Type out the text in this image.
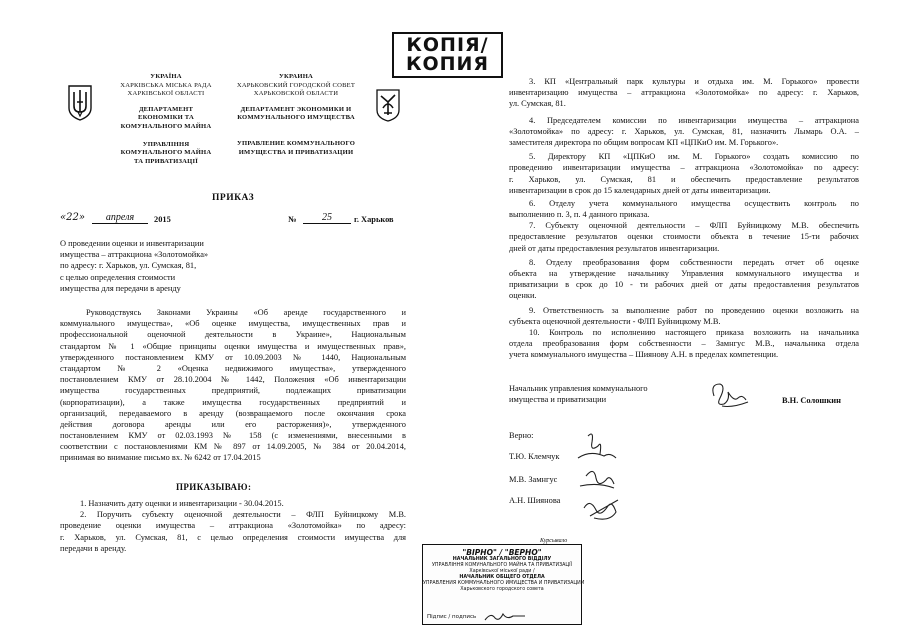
КОПІЯ/
КОПИЯ
УКРАЇНА
ХАРКІВСЬКА МІСЬКА РАДА
ХАРКІВСЬКОЇ ОБЛАСТІ
ДЕПАРТАМЕНТ
ЕКОНОМІКИ ТА
КОМУНАЛЬНОГО МАЙНА
УПРАВЛІННЯ
КОМУНАЛЬНОГО МАЙНА
ТА ПРИВАТИЗАЦІЇ
УКРАИНА
ХАРЬКОВСКИЙ ГОРОДСКОЙ СОВЕТ
ХАРЬКОВСКОЙ ОБЛАСТИ
ДЕПАРТАМЕНТ ЭКОНОМИКИ И
КОММУНАЛЬНОГО ИМУЩЕСТВА
УПРАВЛЕНИЕ КОММУНАЛЬНОГО
ИМУЩЕСТВА И ПРИВАТИЗАЦИИ
ПРИКАЗ
«22»	апреля	2015	№	25	г. Харьков
О проведении оценки и инвентаризации
имущества – аттракциона «Золотомойка»
по адресу: г. Харьков, ул. Сумская, 81,
с целью определения стоимости
имущества для передачи в аренду
Руководствуясь Законами Украины «Об аренде государственного и
коммунального имущества», «Об оценке имущества, имущественных прав и
профессиональной оценочной деятельности в Украине», Национальным
стандартом № 1 «Общие принципы оценки имущества и имущественных прав»,
утвержденного постановлением КМУ от 10.09.2003 № 1440, Национальным
стандартом № 2 «Оценка недвижимого имущества», утвержденного
постановлением КМУ от 28.10.2004 № 1442, Положения «Об инвентаризации
имущества государственных предприятий, подлежащих приватизации
(корпоратизации), а также имущества государственных предприятий и
организаций, передаваемого в аренду (возвращаемого после окончания срока
действия договора аренды или его расторжения)», утвержденного
постановлением КМУ от 02.03.1993 № 158 (с изменениями, внесенными в
соответствии с постановлениями КМ № 897 от 14.09.2005, № 384 от 20.04.2014,
принимая во внимание письмо вх. № 6242 от 17.04.2015
ПРИКАЗЫВАЮ:
1. Назначить дату оценки и инвентаризации - 30.04.2015.
2. Поручить субъекту оценочной деятельности – ФЛП Буйницкому М.В.
проведение оценки имущества – аттракциона «Золотомойка» по адресу:
г. Харьков, ул. Сумская, 81, с целью определения стоимости имущества для
передачи в аренду.
3. КП «Центральный парк культуры и отдыха им. М. Горького» провести
инвентаризацию имущества – аттракциона «Золотомойка» по адресу: г. Харьков,
ул. Сумская, 81.
4. Председателем комиссии по инвентаризации имущества – аттракциона
«Золотомойка» по адресу: г. Харьков, ул. Сумская, 81, назначить Лымарь О.А. –
заместителя директора по общим вопросам КП «ЦПКиО им. М. Горького».
5. Директору КП «ЦПКиО им. М. Горького» создать комиссию по
проведению инвентаризации имущества – аттракциона «Золотомойка» по адресу:
г. Харьков, ул. Сумская, 81 и обеспечить предоставление результатов
инвентаризации в срок до 15 календарных дней от даты инвентаризации.
6. Отделу учета коммунального имущества осуществить контроль по
выполнению п. 3, п. 4 данного приказа.
7. Субъекту оценочной деятельности – ФЛП Буйницкому М.В. обеспечить
предоставление результатов оценки стоимости объекта в течение 15-ти рабочих
дней от даты предоставления результатов инвентаризации.
8. Отделу преобразования форм собственности передать отчет об оценке
объекта на утверждение начальнику Управления коммунального имущества и
приватизации в срок до 10 - ти рабочих дней от даты предоставления результатов
оценки.
9. Ответственность за выполнение работ по проведению оценки возложить на
субъекта оценочной деятельности - ФЛП Буйницкому М.В.
10. Контроль по исполнению настоящего приказа возложить на начальника
отдела преобразования форм собственности – Замнгус М.В., начальника отдела
учета коммунального имущества – Шиянову А.Н. в пределах компетенции.
Начальник управления коммунального
имущества и приватизации	В.Н. Солошкин
Верно:
Т.Ю. Клемчук
М.В. Замнгус
А.Н. Шиянова
Курсывало
"ВІРНО" / "ВЕРНО"
НАЧАЛЬНИК ЗАГАЛЬНОГО ВІДДІЛУ
УПРАВЛІННЯ КОМУНАЛЬНОГО МАЙНА ТА ПРИВАТИЗАЦІЇ
Харківської міської ради /
НАЧАЛЬНИК ОБЩЕГО ОТДЕЛА
УПРАВЛЕНИЯ КОММУНАЛЬНОГО ИМУЩЕСТВА И ПРИВАТИЗАЦИИ
Харьковского городского совета
Підпис / подпись
